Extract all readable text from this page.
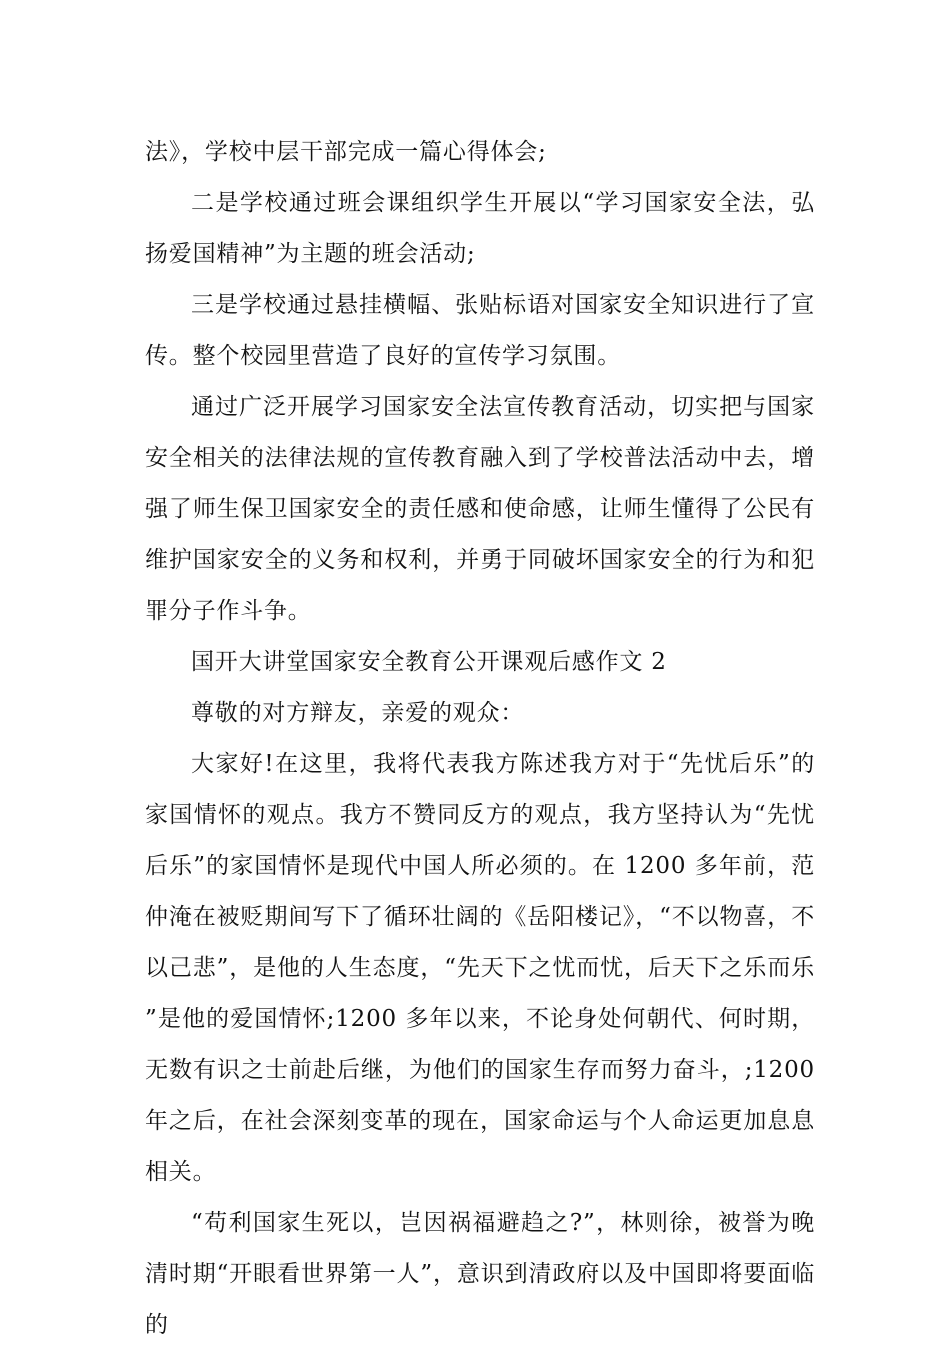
法》，学校中层干部完成一篇心得体会;

二是学校通过班会课组织学生开展以“学习国家安全法，弘扬爱国精神”为主题的班会活动;

三是学校通过悬挂横幅、张贴标语对国家安全知识进行了宣传。整个校园里营造了良好的宣传学习氛围。

通过广泛开展学习国家安全法宣传教育活动，切实把与国家安全相关的法律法规的宣传教育融入到了学校普法活动中去，增强了师生保卫国家安全的责任感和使命感，让师生懂得了公民有维护国家安全的义务和权利，并勇于同破坏国家安全的行为和犯罪分子作斗争。

国开大讲堂国家安全教育公开课观后感作文 2

尊敬的对方辩友，亲爱的观众：

大家好!在这里，我将代表我方陈述我方对于“先忧后乐”的家国情怀的观点。我方不赞同反方的观点，我方坚持认为“先忧后乐”的家国情怀是现代中国人所必须的。在 1200 多年前，范仲淹在被贬期间写下了循环壮阔的《岳阳楼记》，“不以物喜，不以己悲”，是他的人生态度，“先天下之忧而忧，后天下之乐而乐”是他的爱国情怀;1200 多年以来，不论身处何朝代、何时期，无数有识之士前赴后继，为他们的国家生存而努力奋斗，;1200 年之后，在社会深刻变革的现在，国家命运与个人命运更加息息相关。

“苟利国家生死以，岂因祸福避趋之?”，林则徐，被誉为晚清时期“开眼看世界第一人”，意识到清政府以及中国即将要面临的
